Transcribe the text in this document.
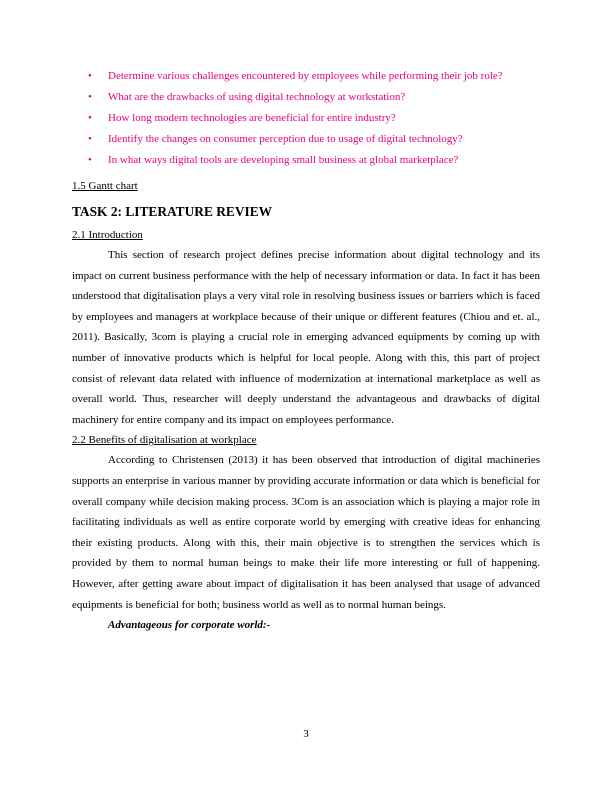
• Determine various challenges encountered by employees while performing their job role?
• What are the drawbacks of using digital technology at workstation?
• How long modern technologies are beneficial for entire industry?
• Identify the changes on consumer perception due to usage of digital technology?
• In what ways digital tools are developing small business at global marketplace?
1.5 Gantt chart
TASK 2: LITERATURE REVIEW
2.1 Introduction

This section of research project defines precise information about digital technology and its impact on current business performance with the help of necessary information or data. In fact it has been understood that digitalisation plays a very vital role in resolving business issues or barriers which is faced by employees and managers at workplace because of their unique or different features (Chiou and et. al., 2011). Basically, 3com is playing a crucial role in emerging advanced equipments by coming up with number of innovative products which is helpful for local people. Along with this, this part of project consist of relevant data related with influence of modernization at international marketplace as well as overall world. Thus, researcher will deeply understand the advantageous and drawbacks of digital machinery for entire company and its impact on employees performance.

2.2 Benefits of digitalisation at workplace

According to Christensen (2013) it has been observed that introduction of digital machineries supports an enterprise in various manner by providing accurate information or data which is beneficial for overall company while decision making process. 3Com is an association which is playing a major role in facilitating individuals as well as entire corporate world by emerging with creative ideas for enhancing their existing products. Along with this, their main objective is to strengthen the services which is provided by them to normal human beings to make their life more interesting or full of happening. However, after getting aware about impact of digitalisation it has been analysed that usage of advanced equipments is beneficial for both; business world as well as to normal human beings.

Advantageous for corporate world:-
3
